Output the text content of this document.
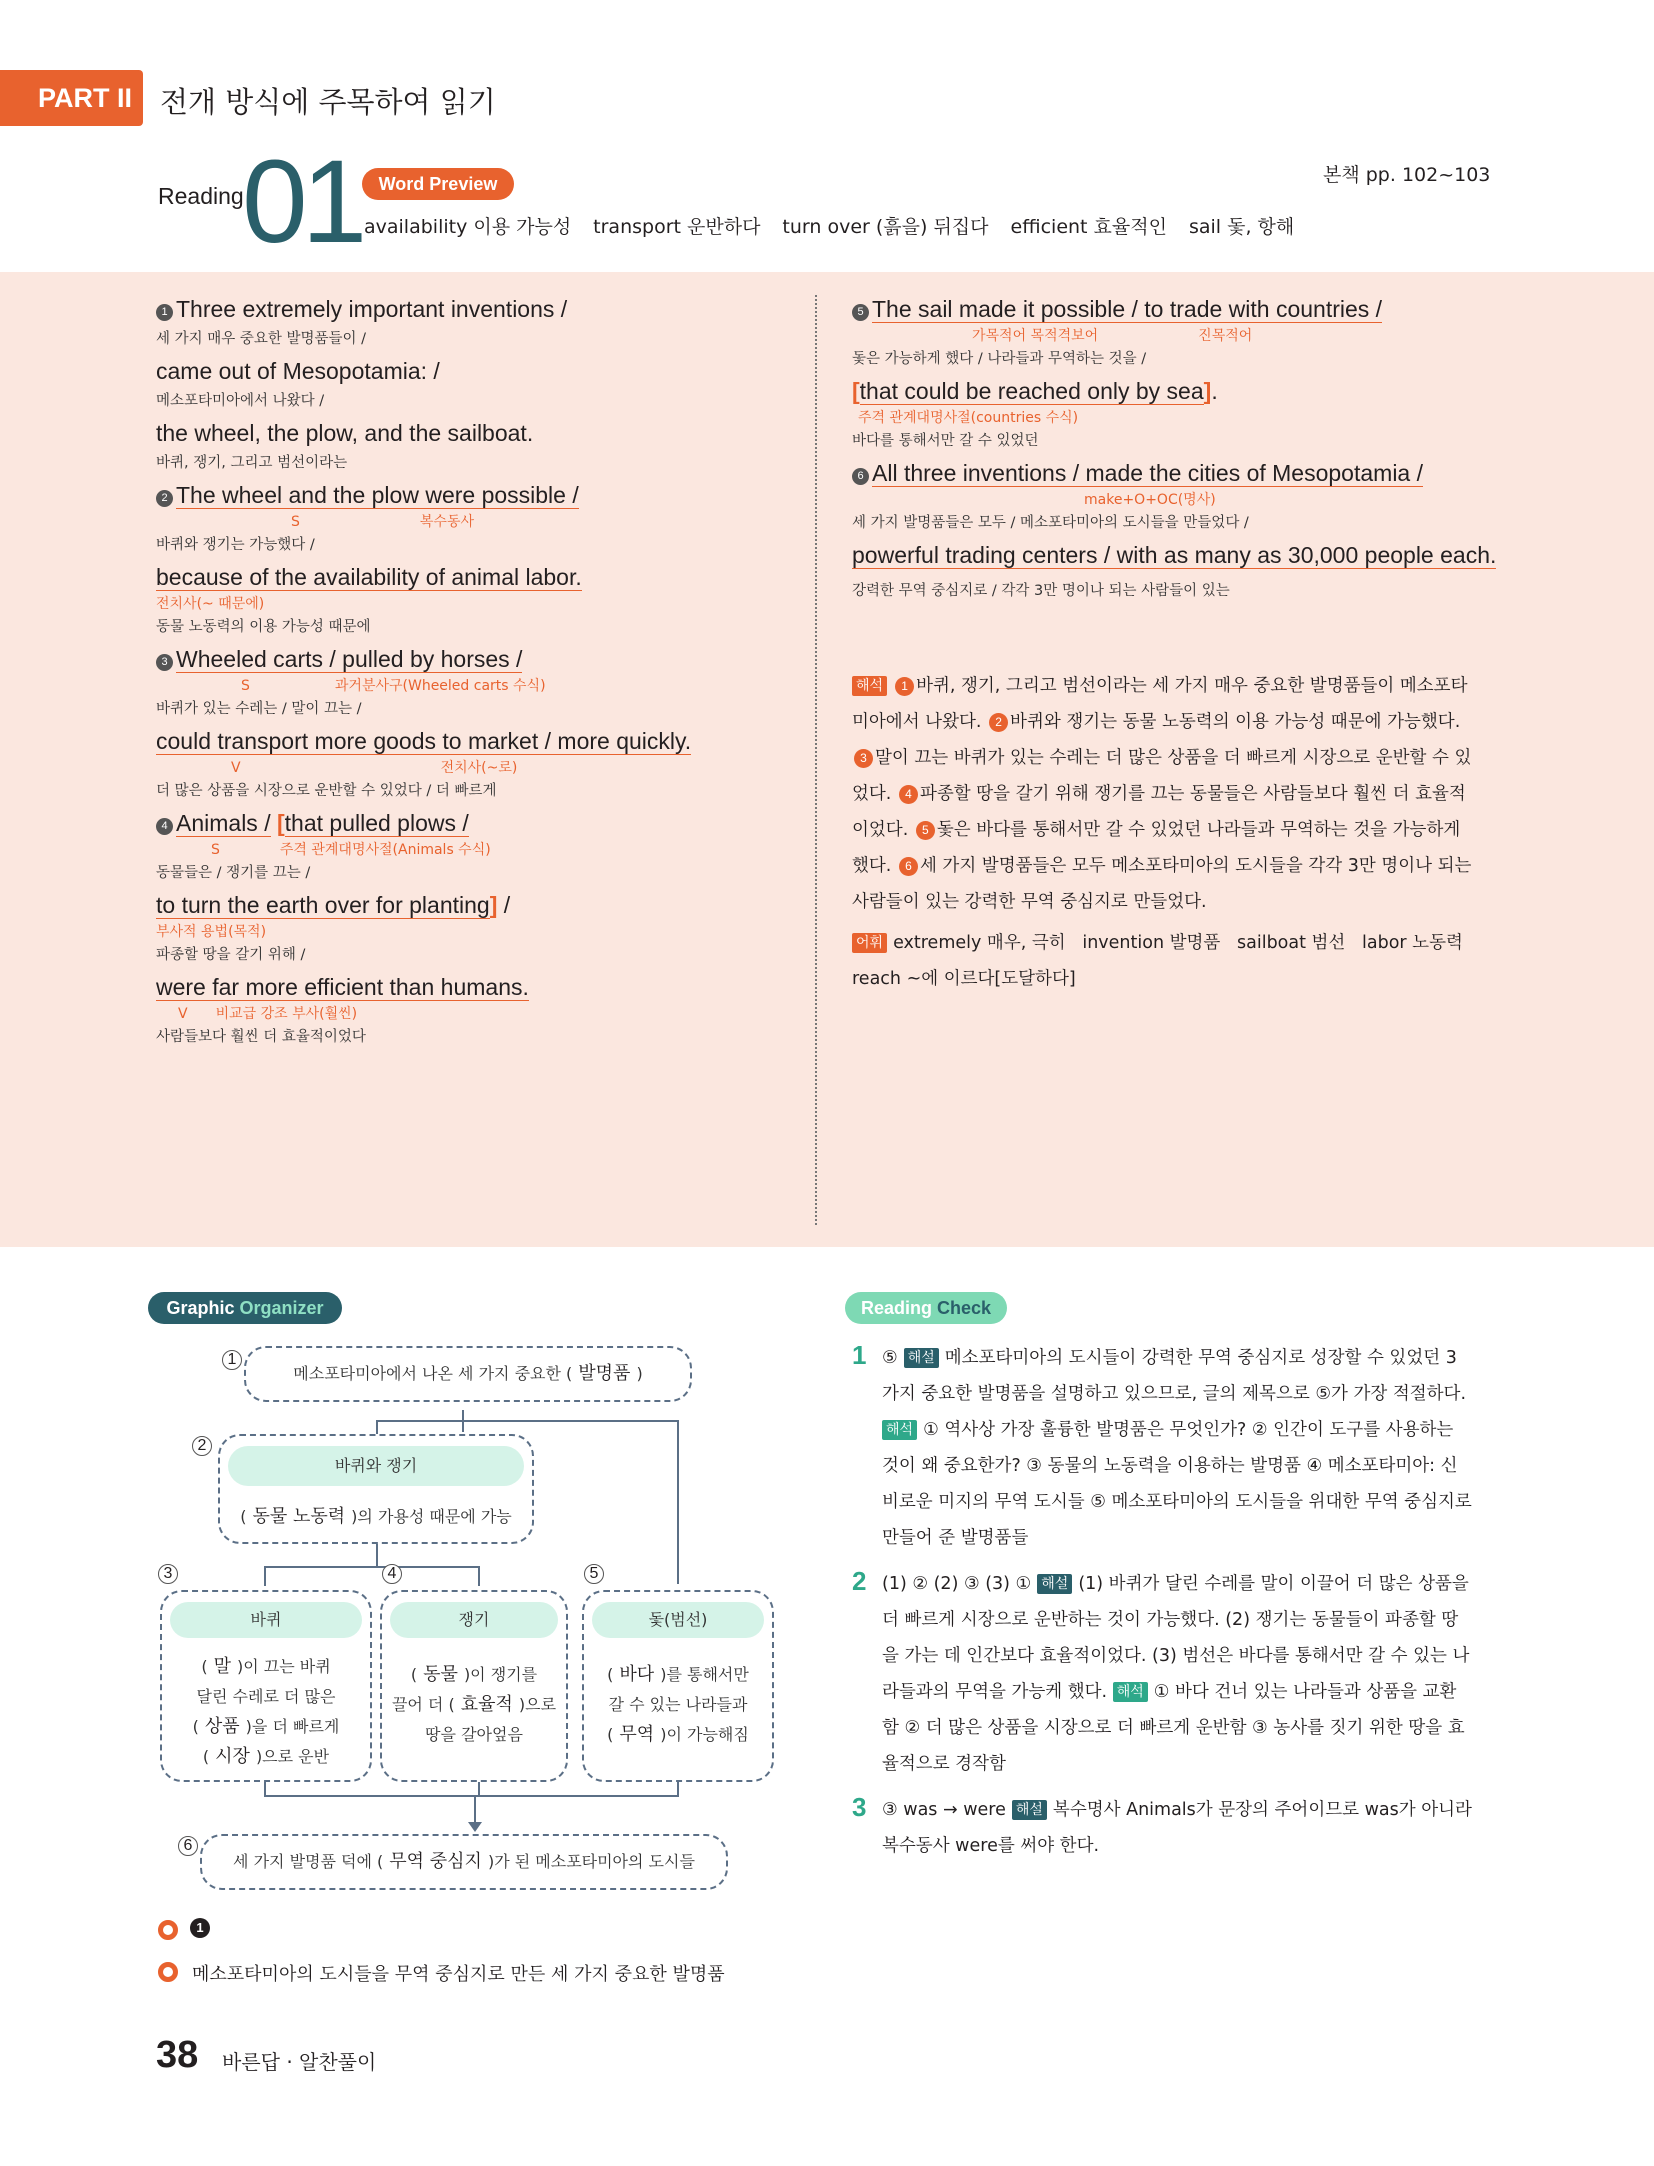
PART II 전개 방식에 주목하여 읽기
Reading
01 Word Preview	본책 pp. 102~103
availability 이용 가능성 transport 운반하다 turn over (흙을) 뒤집다 efficient 효율적인 sail 돛, 항해
1 Three extremely important inventions /
세 가지 매우 중요한 발명품들이 /
came out of Mesopotamia: /
메소포타미아에서 나왔다 /
the wheel, the plow, and the sailboat.
바퀴, 쟁기, 그리고 범선이라는
2 The wheel and the plow were possible /
S	복수동사
바퀴와 쟁기는 가능했다 /
because of the availability of animal labor.
전치사(~ 때문에)
동물 노동력의 이용 가능성 때문에
3 Wheeled carts / pulled by horses /
S	과거분사구(Wheeled carts 수식)
바퀴가 있는 수레는 / 말이 끄는 /
could transport more goods to market / more quickly.
V	전치사(~로)
더 많은 상품을 시장으로 운반할 수 있었다 / 더 빠르게
4 Animals / [that pulled plows /
S	주격 관계대명사절(Animals 수식)
동물들은 / 쟁기를 끄는 /
to turn the earth over for planting] /
부사적 용법(목적)
파종할 땅을 갈기 위해 /
were far more efficient than humans.
V 비교급 강조 부사(훨씬)
사람들보다 훨씬 더 효율적이었다
5 The sail made it possible / to trade with countries /
가목적어 목적격보어	진목적어
돛은 가능하게 했다 / 나라들과 무역하는 것을 /
[that could be reached only by sea].
주격 관계대명사절(countries 수식)
바다를 통해서만 갈 수 있었던
6 All three inventions / made the cities of Mesopotamia /
make+O+OC(명사)
세 가지 발명품들은 모두 / 메소포타미아의 도시들을 만들었다 /
powerful trading centers / with as many as 30,000 people each.
강력한 무역 중심지로 / 각각 3만 명이나 되는 사람들이 있는
해석 1 바퀴, 쟁기, 그리고 범선이라는 세 가지 매우 중요한 발명품들이 메소포타미아에서 나왔다. 2 바퀴와 쟁기는 동물 노동력의 이용 가능성 때문에 가능했다. 3 말이 끄는 바퀴가 있는 수레는 더 많은 상품을 더 빠르게 시장으로 운반할 수 있었다. 4 파종할 땅을 갈기 위해 쟁기를 끄는 동물들은 사람들보다 훨씬 더 효율적이었다. 5 돛은 바다를 통해서만 갈 수 있었던 나라들과 무역하는 것을 가능하게 했다. 6 세 가지 발명품들은 모두 메소포타미아의 도시들을 각각 3만 명이나 되는 사람들이 있는 강력한 무역 중심지로 만들었다.
어휘 extremely 매우, 극히   invention 발명품   sailboat 범선   labor 노동력   reach ~에 이르다[도달하다]
Graphic Organizer
1
메소포타미아에서 나온 세 가지 중요한 ( 발명품 )
2
바퀴와 쟁기
( 동물 노동력 )의 가용성 때문에 가능
3	4	5
바퀴
( 말 )이 끄는 바퀴
달린 수레로 더 많은
( 상품 )을 더 빠르게
( 시장 )으로 운반
쟁기
( 동물 )이 쟁기를
끌어 더 ( 효율적 )으로
땅을 갈아엎음
돛(범선)
( 바다 )를 통해서만
갈 수 있는 나라들과
( 무역 )이 가능해짐
6
세 가지 발명품 덕에 ( 무역 중심지 )가 된 메소포타미아의 도시들
1
메소포타미아의 도시들을 무역 중심지로 만든 세 가지 중요한 발명품
Reading Check
1 ⑤ 해설 메소포타미아의 도시들이 강력한 무역 중심지로 성장할 수 있었던 3가지 중요한 발명품을 설명하고 있으므로, 글의 제목으로 ⑤가 가장 적절하다. 해석 ① 역사상 가장 훌륭한 발명품은 무엇인가? ② 인간이 도구를 사용하는 것이 왜 중요한가? ③ 동물의 노동력을 이용하는 발명품 ④ 메소포타미아: 신비로운 미지의 무역 도시들 ⑤ 메소포타미아의 도시들을 위대한 무역 중심지로 만들어 준 발명품들
2 (1) ② (2) ③ (3) ① 해설 (1) 바퀴가 달린 수레를 말이 이끌어 더 많은 상품을 더 빠르게 시장으로 운반하는 것이 가능했다. (2) 쟁기는 동물들이 파종할 땅을 가는 데 인간보다 효율적이었다. (3) 범선은 바다를 통해서만 갈 수 있는 나라들과의 무역을 가능케 했다. 해석 ① 바다 건너 있는 나라들과 상품을 교환함 ② 더 많은 상품을 시장으로 더 빠르게 운반함 ③ 농사를 짓기 위한 땅을 효율적으로 경작함
3 ③ was → were 해설 복수명사 Animals가 문장의 주어이므로 was가 아니라 복수동사 were를 써야 한다.
38 바른답 · 알찬풀이
